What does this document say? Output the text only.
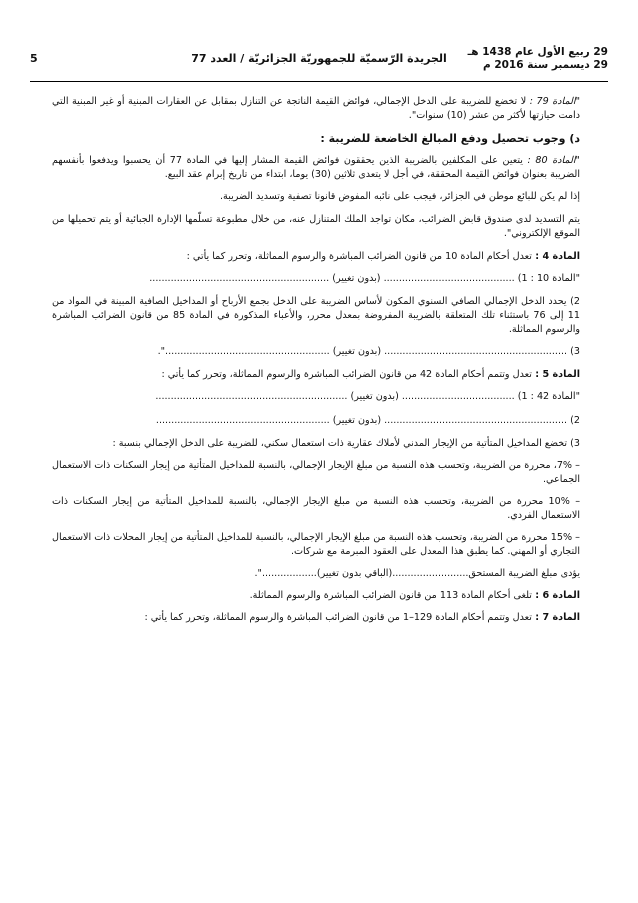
29 ربيع الأول عام 1438 هـ
29 ديسمبر سنة 2016 م
الجريدة الرّسميّة للجمهوريّة الجزائريّة / العدد 77
5

"المادة 79 : لا تخضع للضريبة على الدخل الإجمالي، فوائض القيمة الناتجة عن التنازل بمقابل عن العقارات المبنية أو غير المبنية التي دامت حيازتها لأكثر من عشر (10) سنوات".

د) وجوب تحصيل ودفع المبالغ الخاضعة للضريبة :

"المادة 80 : يتعين على المكلفين بالضريبة الذين يحققون فوائض القيمة المشار إليها في المادة 77 أن يحسبوا ويدفعوا بأنفسهم الضريبة بعنوان فوائض القيمة المحققة، في أجل لا يتعدى ثلاثين (30) يوما، ابتداء من تاريخ إبرام عقد البيع.

إذا لم يكن للبائع موطن في الجزائر، فيجب على نائبه المفوض قانونا تصفية وتسديد الضريبة.

يتم التسديد لدى صندوق قابض الضرائب، مكان تواجد الملك المتنازل عنه، من خلال مطبوعة تسلّمها الإدارة الجبائية أو يتم تحميلها من الموقع الإلكتروني".

المادة 4 : تعدل أحكام المادة 10 من قانون الضرائب المباشرة والرسوم المماثلة، وتحرر كما يأتي :

"المادة 10 : 1) ........................................... (بدون تغيير) ...........................................................

2) يحدد الدخل الإجمالي الصافي السنوي المكون لأساس الضريبة على الدخل بجمع الأرباح أو المداخيل الصافية المبينة في المواد من 11 إلى 76 باستثناء تلك المتعلقة بالضريبة المفروضة بمعدل محرر، والأعباء المذكورة في المادة 85 من قانون الضرائب المباشرة والرسوم المماثلة.

3) ............................................................ (بدون تغيير) ......................................................".

المادة 5 : تعدل وتتمم أحكام المادة 42 من قانون الضرائب المباشرة والرسوم المماثلة، وتحرر كما يأتي :

"المادة 42 : 1) ..................................... (بدون تغيير) ...............................................................

2) ............................................................ (بدون تغيير) .........................................................

3) تخضع المداخيل المتأتية من الإيجار المدني لأملاك عقارية ذات استعمال سكني، للضريبة على الدخل الإجمالي بنسبة :

– 7%، محررة من الضريبة، وتحسب هذه النسبة من مبلغ الإيجار الإجمالي، بالنسبة للمداخيل المتأتية من إيجار السكنات ذات الاستعمال الجماعي.

– 10% محررة من الضريبة، وتحسب هذه النسبة من مبلغ الإيجار الإجمالي، بالنسبة للمداخيل المتأتية من إيجار السكنات ذات الاستعمال الفردي.

– 15% محررة من الضريبة، وتحسب هذه النسبة من مبلغ الإيجار الإجمالي، بالنسبة للمداخيل المتأتية من إيجار المحلات ذات الاستعمال التجاري أو المهني. كما يطبق هذا المعدل على العقود المبرمة مع شركات.

يؤدى مبلغ الضريبة المستحق.........................(الباقي بدون تغيير)..................".

المادة 6 : تلغى أحكام المادة 113 من قانون الضرائب المباشرة والرسوم المماثلة.

المادة 7 : تعدل وتتمم أحكام المادة 129–1 من قانون الضرائب المباشرة والرسوم المماثلة، وتحرر كما يأتي :
